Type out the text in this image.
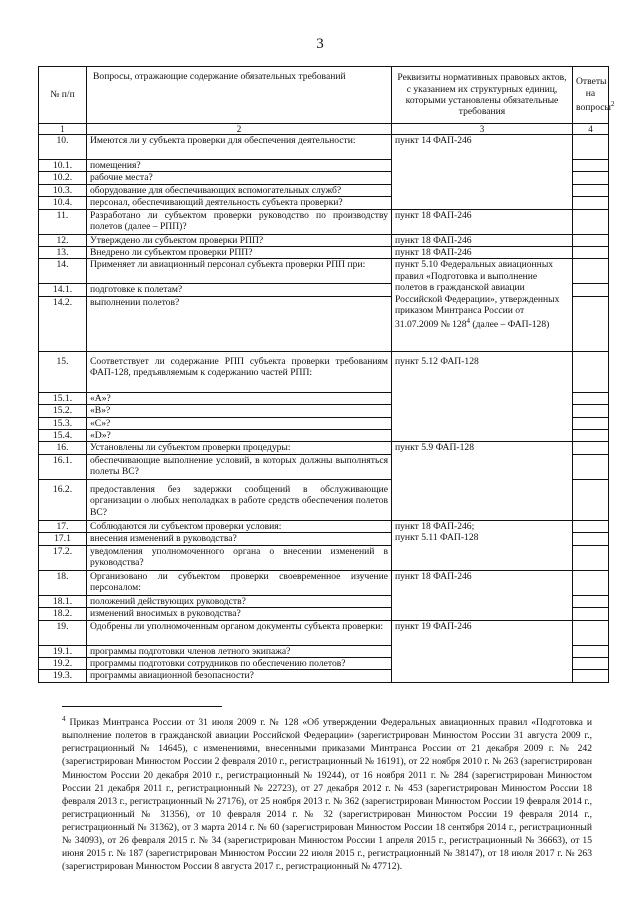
3
№ п/п	Вопросы, отражающие содержание обязательных требований	Реквизиты нормативных правовых актов, с указанием их структурных единиц, которыми установлены обязательные требования	Ответы на вопросы$^2$
1	2	3	4
10.	Имеются ли у субъекта проверки для обеспечения деятельности:	пункт 14 ФАП-246	
10.1.	помещения?		
10.2.	рабочие места?		
10.3.	оборудование для обеспечивающих вспомогательных служб?		
10.4.	персонал, обеспечивающий деятельность субъекта проверки?		
11.	Разработано ли субъектом проверки руководство по производству полетов (далее – РПП)?	пункт 18 ФАП-246	
12.	Утверждено ли субъектом проверки РПП?	пункт 18 ФАП-246	
13.	Внедрено ли субъектом проверки РПП?	пункт 18 ФАП-246	
14.	Применяет ли авиационный персонал субъекта проверки РПП при:	пункт 5.10 Федеральных авиационных правил «Подготовка и выполнение полетов в гражданской авиации Российской Федерации», утвержденных приказом Минтранса России от 31.07.2009 № $128^4$ (далее – ФАП-128)	
14.1.	подготовке к полетам?		
14.2.	выполнении полетов?		
15.	Соответствует ли содержание РПП субъекта проверки требованиям ФАП-128, предъявляемым к содержанию частей РПП:	пункт 5.12 ФАП-128	
15.1.	«А»?		
15.2.	«В»?		
15.3.	«С»?		
15.4.	«D»?		
16.	Установлены ли субъектом проверки процедуры:	пункт 5.9 ФАП-128	
16.1.	обеспечивающие выполнение условий, в которых должны выполняться полеты ВС?		
16.2.	предоставления без задержки сообщений в обслуживающие организации о любых неполадках в работе средств обеспечения полетов ВС?		
17.	Соблюдаются ли субъектом проверки условия:	пункт 18 ФАП-246;
пункт 5.11 ФАП-128	

17.1	внесения изменений в руководства?		
17.2.	уведомления уполномоченного органа о внесении изменений в руководства?		
18.	Организовано ли субъектом проверки своевременное изучение персоналом:	пункт 18 ФАП-246	
18.1.	положений действующих руководств?		
18.2.	изменений вносимых в руководства?		
19.	Одобрены ли уполномоченным органом документы субъекта проверки:	пункт 19 ФАП-246	
19.1.	программы подготовки членов летного экипажа?		
19.2.	программы подготовки сотрудников по обеспечению полетов?		
19.3.	программы авиационной безопасности?		
$^4$ Приказ Минтранса России от 31 июля 2009 г. № 128 «Об утверждении Федеральных авиационных правил «Подготовка и выполнение полетов в гражданской авиации Российской Федерации» (зарегистрирован Минюстом России 31 августа 2009 г., регистрационный № 14645), с изменениями, внесенными приказами Минтранса России от 21 декабря 2009 г. № 242 (зарегистрирован Минюстом России 2 февраля 2010 г., регистрационный № 16191), от 22 ноября 2010 г. № 263 (зарегистрирован Минюстом России 20 декабря 2010 г., регистрационный № 19244), от 16 ноября 2011 г. № 284 (зарегистрирован Минюстом России 21 декабря 2011 г., регистрационный № 22723), от 27 декабря 2012 г. № 453 (зарегистрирован Минюстом России 18 февраля 2013 г., регистрационный № 27176), от 25 ноября 2013 г. № 362 (зарегистрирован Минюстом России 19 февраля 2014 г., регистрационный № 31356), от 10 февраля 2014 г. № 32 (зарегистрирован Минюстом России 19 февраля 2014 г., регистрационный № 31362), от 3 марта 2014 г. № 60 (зарегистрирован Минюстом России 18 сентября 2014 г., регистрационный № 34093), от 26 февраля 2015 г. № 34 (зарегистрирован Минюстом России 1 апреля 2015 г., регистрационный № 36663), от 15 июня 2015 г. № 187 (зарегистрирован Минюстом России 22 июля 2015 г., регистрационный № 38147), от 18 июля 2017 г. № 263 (зарегистрирован Минюстом России 8 августа 2017 г., регистрационный № 47712).
